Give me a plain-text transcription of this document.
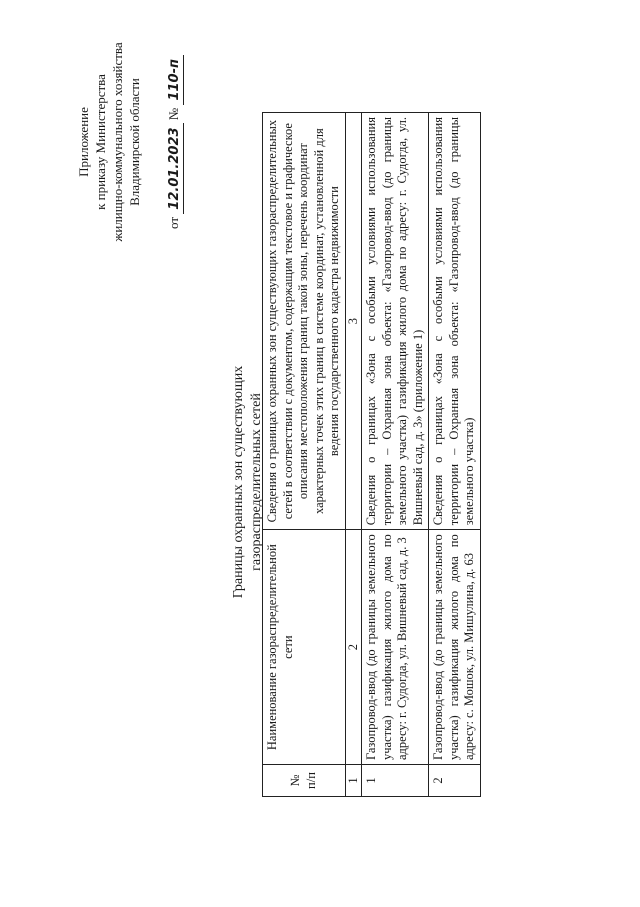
Приложение к приказу Министерства жилищно-коммунального хозяйства Владимирской области
от 12.01.2023 № 110-п
Границы охранных зон существующих газораспределительных сетей
№ п/п	Наименование газораспределительной сети	Сведения о границах охранных зон существующих газораспределительных сетей в соответствии с документом, содержащим текстовое и графическое описания местоположения границ такой зоны, перечень координат характерных точек этих границ в системе координат, установленной для ведения государственного кадастра недвижимости
1	2	3
1	Газопровод-ввод (до границы земельного участка) газификация жилого дома по адресу: г. Судогда, ул. Вишневый сад, д. 3	Сведения о границах «Зона с особыми условиями использования территории – Охранная зона объекта: «Газопровод-ввод (до границы земельного участка) газификация жилого дома по адресу: г. Судогда, ул. Вишневый сад, д. 3» (приложение 1)
2	Газопровод-ввод (до границы земельного участка) газификация жилого дома по адресу: с. Мошок, ул. Мишулина, д. 63	Сведения о границах «Зона с особыми условиями использования территории – Охранная зона объекта: «Газопровод-ввод (до границы земельного участка)
